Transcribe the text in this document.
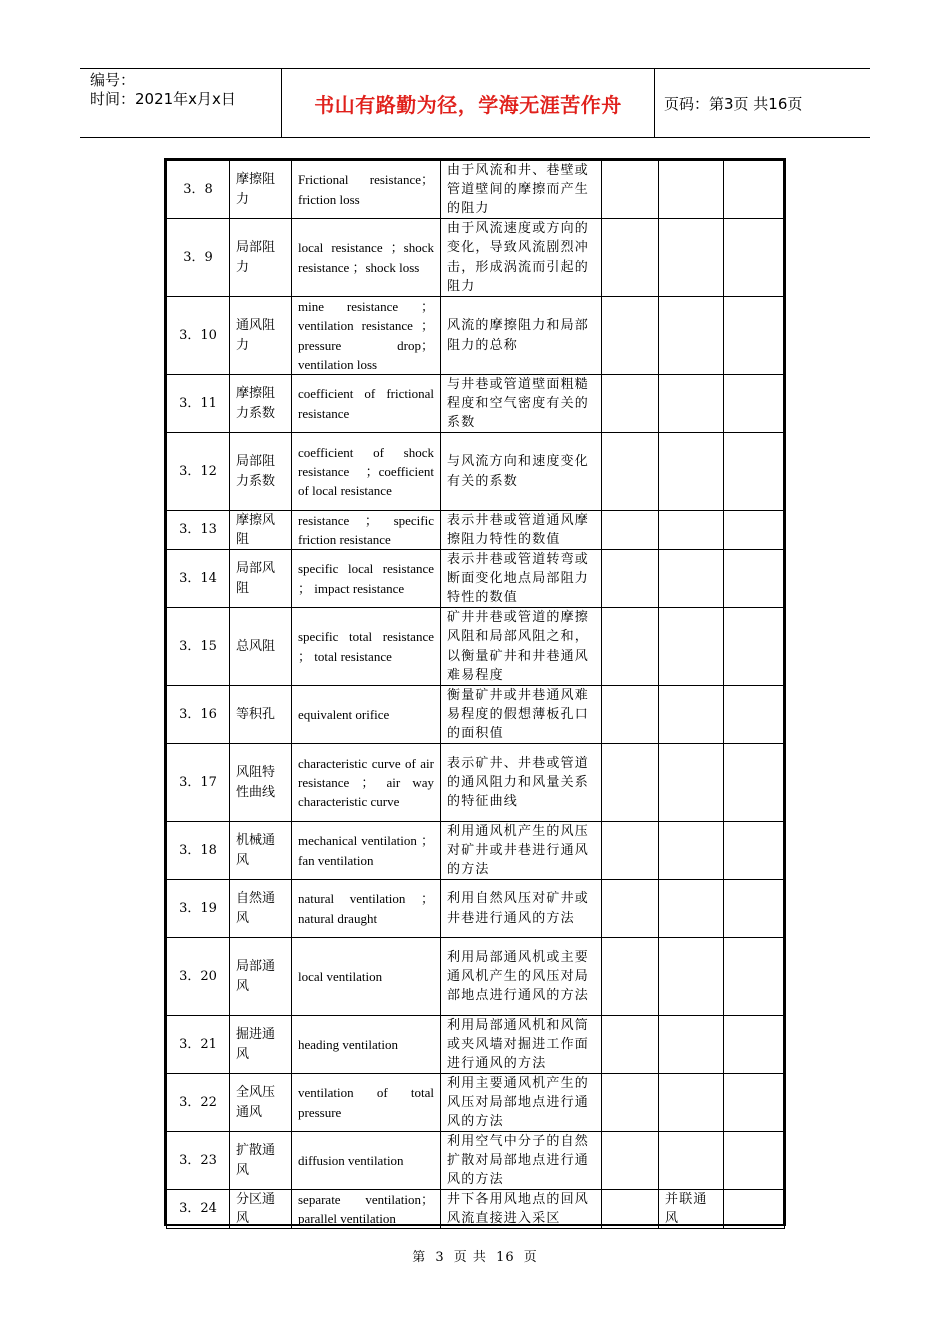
编号：
时间：2021年x月x日	书山有路勤为径，学海无涯苦作舟	页码：第3页 共16页
3．8	摩擦阻力	Frictional resistance；friction loss	由于风流和井、巷壁或管道壁间的摩擦而产生的阻力			

3．9	局部阻力	local resistance ；shock resistance ；shock loss	由于风流速度或方向的变化，导致风流剧烈冲击，形成涡流而引起的阻力			

3．10	通风阻力	mine resistance ；ventilation resistance ；pressure drop；ventilation loss	风流的摩擦阻力和局部阻力的总称			

3．11	摩擦阻力系数	coefficient of frictional resistance	与井巷或管道壁面粗糙程度和空气密度有关的系数			

3．12	局部阻力系数	coefficient of shock resistance ；coefficient of local resistance	与风流方向和速度变化有关的系数			

3．13	摩擦风阻	resistance ； specific friction resistance	表示井巷或管道通风摩擦阻力特性的数值			

3．14	局部风阻	specific local resistance ； impact resistance	表示井巷或管道转弯或断面变化地点局部阻力特性的数值			

3．15	总风阻	specific total resistance ； total resistance	矿井井巷或管道的摩擦风阻和局部风阻之和，以衡量矿井和井巷通风难易程度			

3．16	等积孔	equivalent orifice	衡量矿井或井巷通风难易程度的假想薄板孔口的面积值			

3．17	风阻特性曲线	characteristic curve of air resistance ； air way characteristic curve	表示矿井、井巷或管道的通风阻力和风量关系的特征曲线			

3．18	机械通风	mechanical ventilation ； fan ventilation	利用通风机产生的风压对矿井或井巷进行通风的方法			

3．19	自然通风	natural ventilation ；natural draught	利用自然风压对矿井或井巷进行通风的方法			

3．20	局部通风	local ventilation	利用局部通风机或主要通风机产生的风压对局部地点进行通风的方法			

3．21	掘进通风	heading ventilation	利用局部通风机和风筒或夹风墙对掘进工作面进行通风的方法			

3．22	全风压通风	ventilation of total pressure	利用主要通风机产生的风压对局部地点进行通风的方法			

3．23	扩散通风	diffusion ventilation	利用空气中分子的自然扩散对局部地点进行通风的方法			

3．24	分区通风	separate ventilation；parallel ventilation	井下各用风地点的回风风流直接进入采区		并联通风	

第 3 页 共 16 页
